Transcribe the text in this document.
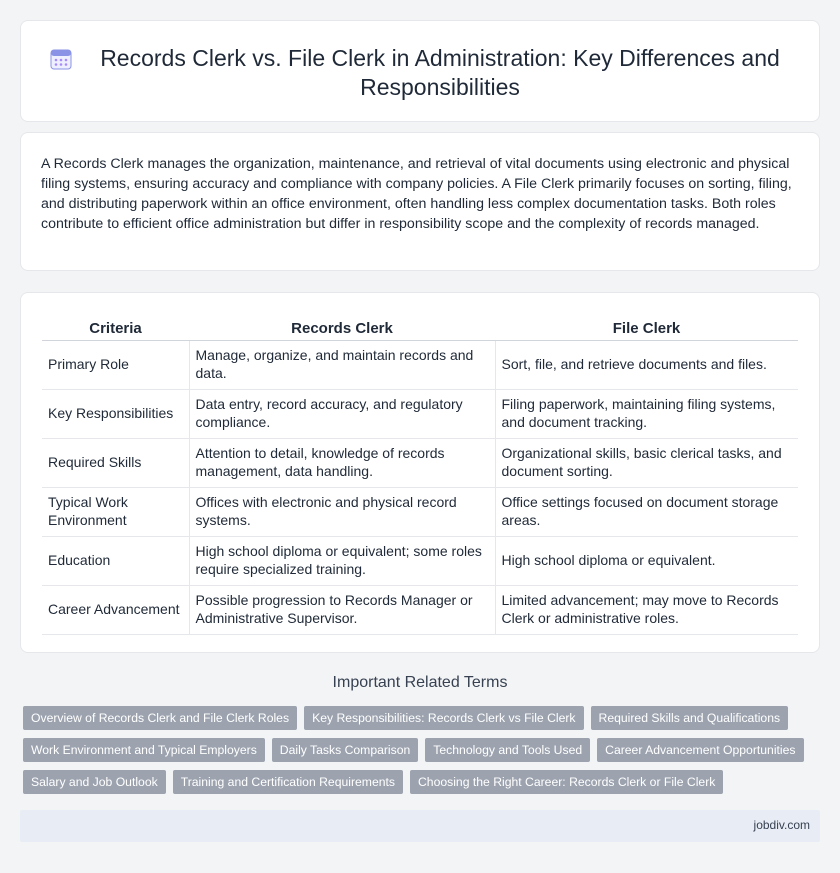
Records Clerk vs. File Clerk in Administration: Key Differences and Responsibilities

A Records Clerk manages the organization, maintenance, and retrieval of vital documents using electronic and physical filing systems, ensuring accuracy and compliance with company policies. A File Clerk primarily focuses on sorting, filing, and distributing paperwork within an office environment, often handling less complex documentation tasks. Both roles contribute to efficient office administration but differ in responsibility scope and the complexity of records managed.

Criteria	Records Clerk	File Clerk
Primary Role	Manage, organize, and maintain records and data.	Sort, file, and retrieve documents and files.
Key Responsibilities	Data entry, record accuracy, and regulatory compliance.	Filing paperwork, maintaining filing systems, and document tracking.
Required Skills	Attention to detail, knowledge of records management, data handling.	Organizational skills, basic clerical tasks, and document sorting.
Typical Work Environment	Offices with electronic and physical record systems.	Office settings focused on document storage areas.
Education	High school diploma or equivalent; some roles require specialized training.	High school diploma or equivalent.
Career Advancement	Possible progression to Records Manager or Administrative Supervisor.	Limited advancement; may move to Records Clerk or administrative roles.
Important Related Terms
Overview of Records Clerk and File Clerk Roles	Key Responsibilities: Records Clerk vs File Clerk	Required Skills and Qualifications
Work Environment and Typical Employers	Daily Tasks Comparison	Technology and Tools Used	Career Advancement Opportunities
Salary and Job Outlook	Training and Certification Requirements	Choosing the Right Career: Records Clerk or File Clerk
jobdiv.com
